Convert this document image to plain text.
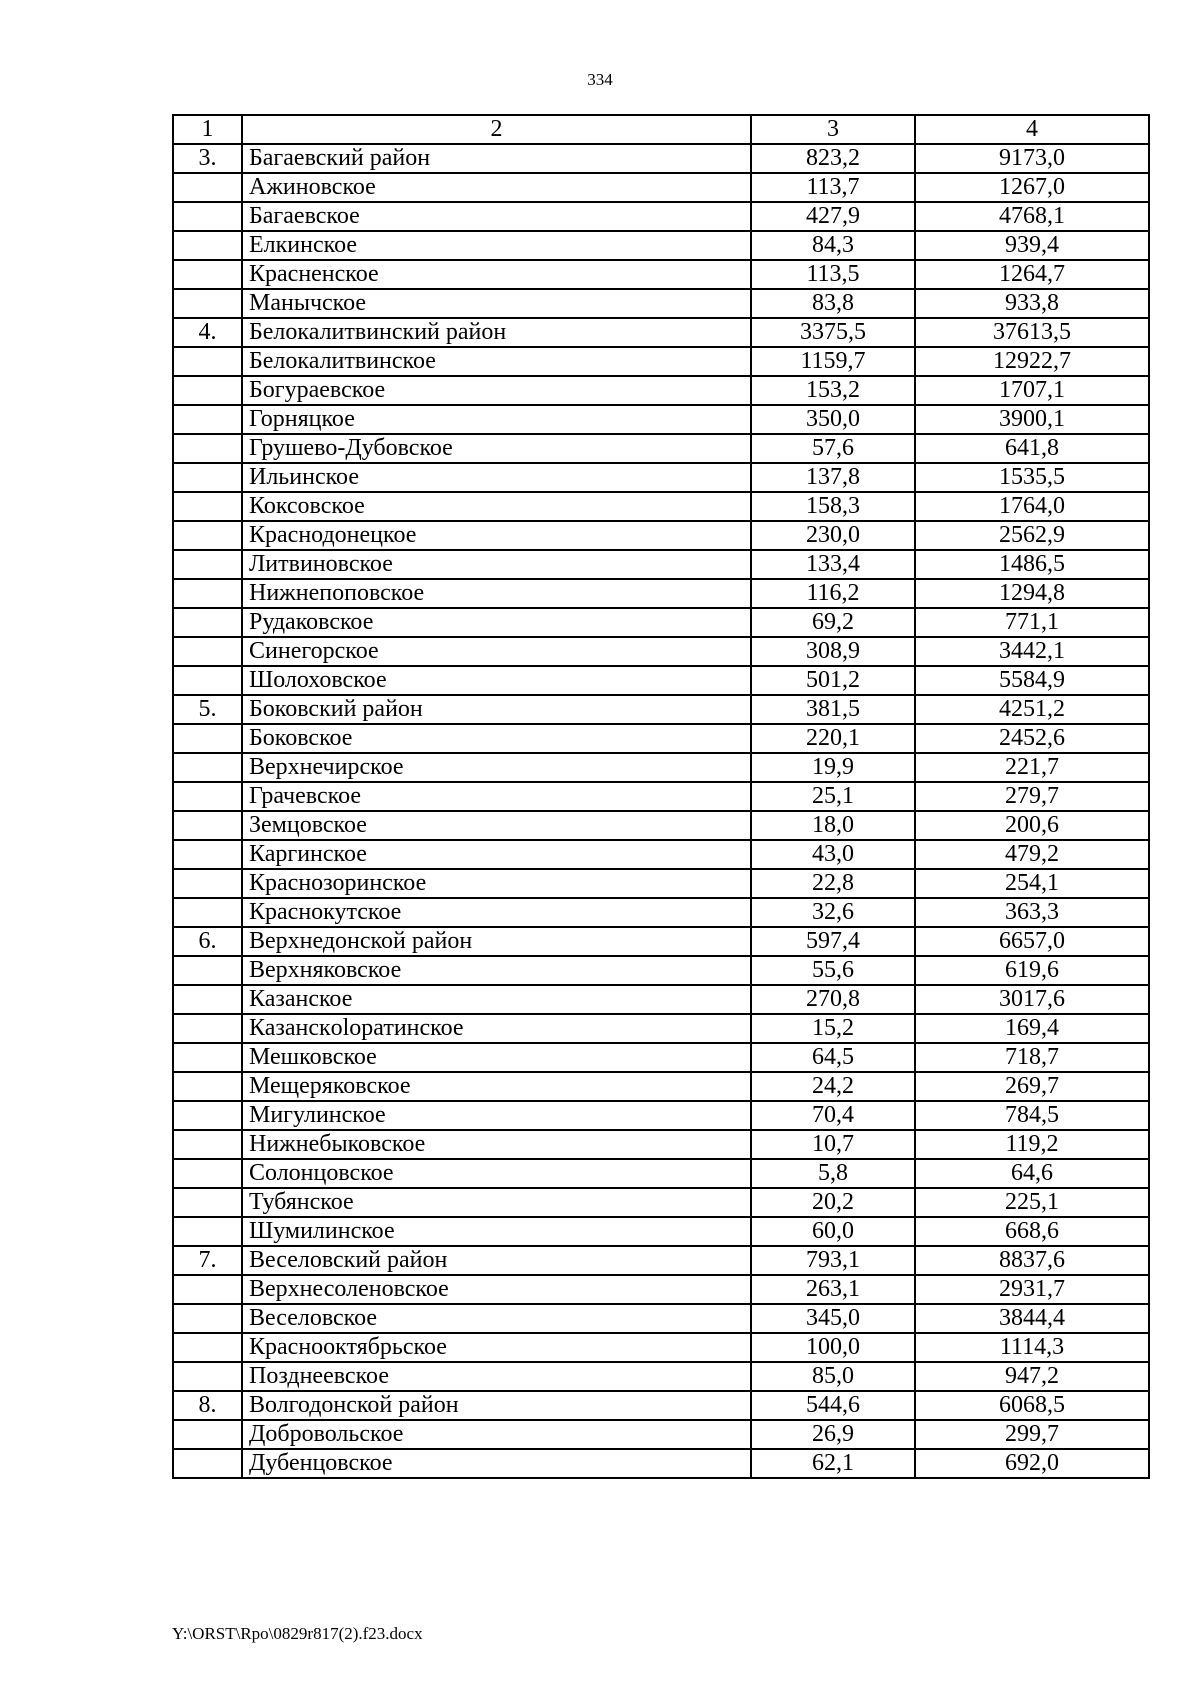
334
1	2	3	4
3.	Багаевский район	823,2	9173,0
	Ажиновское	113,7	1267,0
	Багаевское	427,9	4768,1
	Елкинское	84,3	939,4
	Красненское	113,5	1264,7
	Манычское	83,8	933,8
4.	Белокалитвинский район	3375,5	37613,5
	Белокалитвинское	1159,7	12922,7
	Богураевское	153,2	1707,1
	Горняцкое	350,0	3900,1
	Грушево-Дубовское	57,6	641,8
	Ильинское	137,8	1535,5
	Коксовское	158,3	1764,0
	Краснодонецкое	230,0	2562,9
	Литвиновское	133,4	1486,5
	Нижнепоповское	116,2	1294,8
	Рудаковское	69,2	771,1
	Синегорское	308,9	3442,1
	Шолоховское	501,2	5584,9
5.	Боковский район	381,5	4251,2
	Боковское	220,1	2452,6
	Верхнечирское	19,9	221,7
	Грачевское	25,1	279,7
	Земцовское	18,0	200,6
	Каргинское	43,0	479,2
	Краснозоринское	22,8	254,1
	Краснокутское	32,6	363,3
6.	Верхнедонской район	597,4	6657,0
	Верхняковское	55,6	619,6
	Казанское	270,8	3017,6
	Казанскolopатинское	15,2	169,4
	Мешковское	64,5	718,7
	Мещеряковское	24,2	269,7
	Мигулинское	70,4	784,5
	Нижнебыковское	10,7	119,2
	Солонцовское	5,8	64,6
	Тубянское	20,2	225,1
	Шумилинское	60,0	668,6
7.	Веселовский район	793,1	8837,6
	Верхнесоленовское	263,1	2931,7
	Веселовское	345,0	3844,4
	Краснооктябрьское	100,0	1114,3
	Позднеевское	85,0	947,2
8.	Волгодонской район	544,6	6068,5
	Добровольское	26,9	299,7
	Дубенцовское	62,1	692,0
Y:\ORST\Rpo\0829r817(2).f23.docx
